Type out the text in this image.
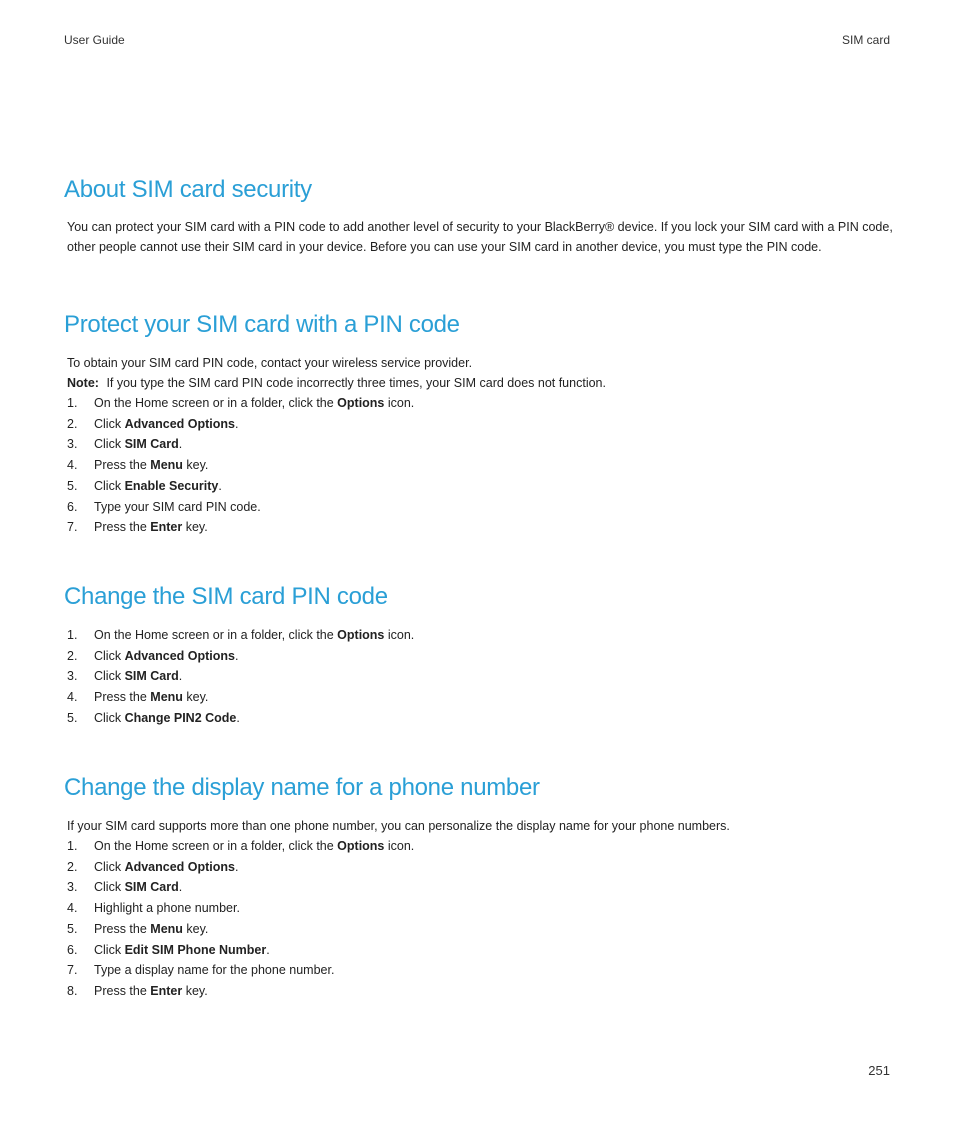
User Guide	SIM card
About SIM card security

You can protect your SIM card with a PIN code to add another level of security to your BlackBerry® device. If you lock your SIM card with a PIN code, other people cannot use their SIM card in your device. Before you can use your SIM card in another device, you must type the PIN code.

Protect your SIM card with a PIN code

To obtain your SIM card PIN code, contact your wireless service provider.

Note: If you type the SIM card PIN code incorrectly three times, your SIM card does not function.

1.	On the Home screen or in a folder, click the Options icon.
2.	Click Advanced Options.
3.	Click SIM Card.
4.	Press the Menu key.
5.	Click Enable Security.
6.	Type your SIM card PIN code.
7.	Press the Enter key.
Change the SIM card PIN code
1.	On the Home screen or in a folder, click the Options icon.
2.	Click Advanced Options.
3.	Click SIM Card.
4.	Press the Menu key.
5.	Click Change PIN2 Code.
Change the display name for a phone number

If your SIM card supports more than one phone number, you can personalize the display name for your phone numbers.

1.	On the Home screen or in a folder, click the Options icon.
2.	Click Advanced Options.
3.	Click SIM Card.
4.	Highlight a phone number.
5.	Press the Menu key.
6.	Click Edit SIM Phone Number.
7.	Type a display name for the phone number.
8.	Press the Enter key.
251
